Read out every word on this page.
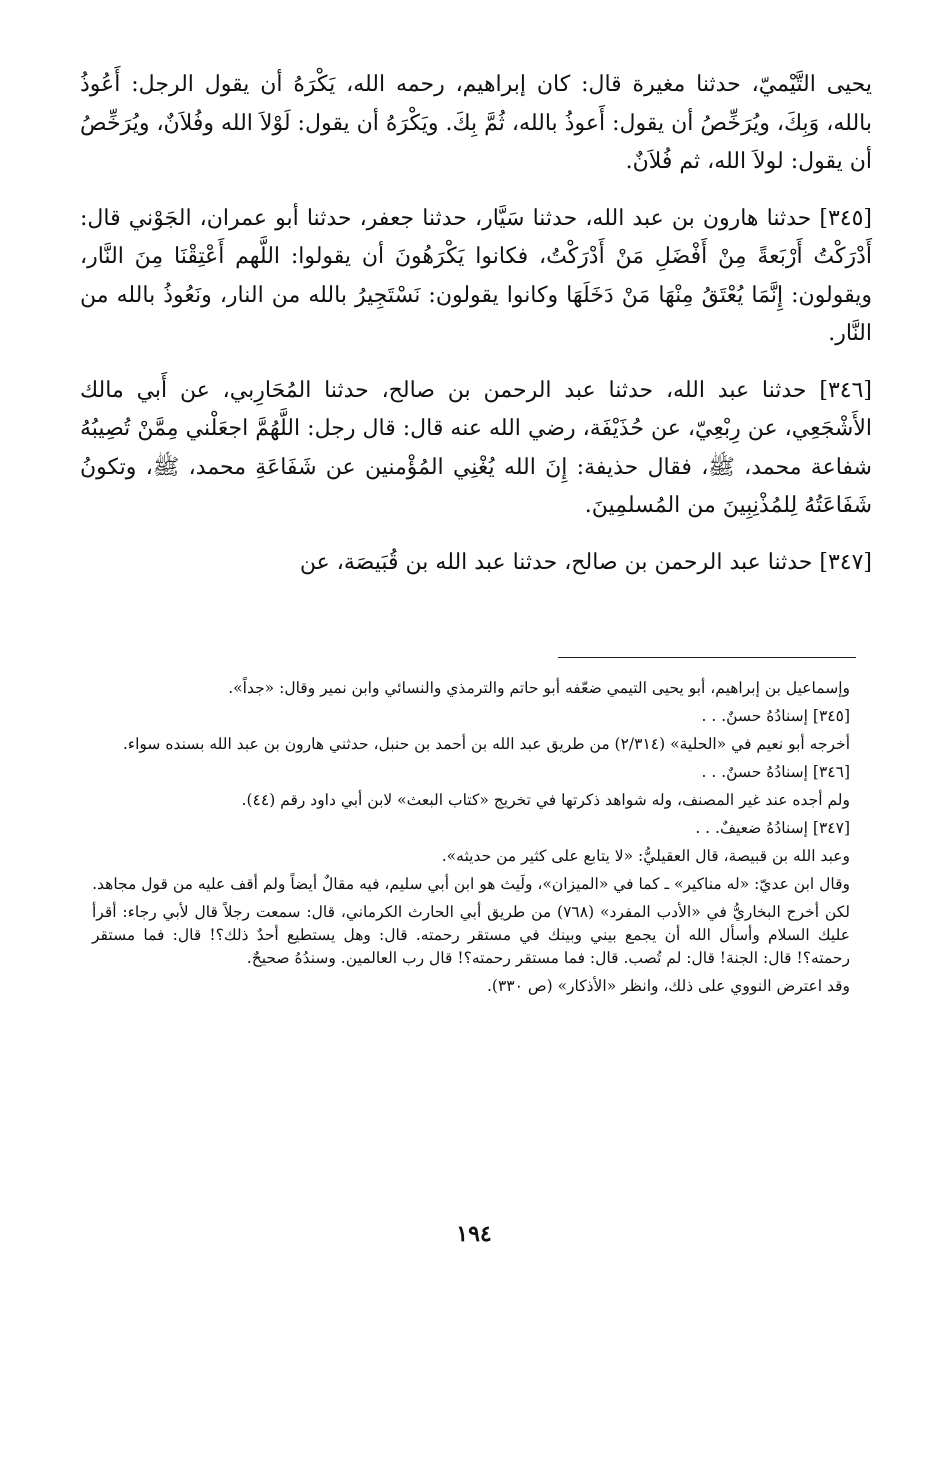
يحيى التَّيْميّ، حدثنا مغيرة قال: كان إبراهيم، رحمه الله، يَكْرَهُ أن يقول الرجل: أَعُوذُ بالله، وَبِكَ، ويُرَخِّصُ أن يقول: أَعوذُ بالله، ثُمَّ بِكَ. ويَكْرَهُ أن يقول: لَوْلاَ الله وفُلاَنٌ، ويُرَخِّصُ أن يقول: لولاَ الله، ثم فُلاَنٌ.

[٣٤٥] حدثنا هارون بن عبد الله، حدثنا سَيَّار، حدثنا جعفر، حدثنا أبو عمران، الجَوْني قال: أَدْرَكْتُ أَرْبَعةً مِنْ أَفْضَلِ مَنْ أَدْرَكْتُ، فكانوا يَكْرَهُونَ أن يقولوا: اللَّهم أَعْتِقْنَا مِنَ النَّار، ويقولون: إِنَّمَا يُعْتَقُ مِنْهَا مَنْ دَخَلَهَا وكانوا يقولون: نَسْتَجِيرُ بالله من النار، ونَعُوذُ بالله من النَّار.

[٣٤٦] حدثنا عبد الله، حدثنا عبد الرحمن بن صالح، حدثنا المُحَارِبي، عن أَبي مالك الأَشْجَعِي، عن رِبْعِيّ، عن حُذَيْفَة، رضي الله عنه قال: قال رجل: اللَّهُمَّ اجعَلْني مِمَّنْ تُصِيبُهُ شفاعة محمد، ﷺ، فقال حذيفة: إِنَ الله يُغْنِي المُؤْمنين عن شَفَاعَةِ محمد، ﷺ، وتكونُ شَفَاعَتُهُ لِلمُذْنِبِينَ من المُسلمِينَ.

[٣٤٧] حدثنا عبد الرحمن بن صالح، حدثنا عبد الله بن قُبَيصَة، عن

وإسماعيل بن إبراهيم، أبو يحيى التيمي ضعّفه أبو حاتم والترمذي والنسائي وابن نمير وقال: «جداً».

[٣٤٥] إسنادُهُ حسنٌ. . .

أخرجه أبو نعيم في «الحلية» (٢/٣١٤) من طريق عبد الله بن أحمد بن حنبل، حدثني هارون بن عبد الله بسنده سواء.

[٣٤٦] إسنادُهُ حسنٌ. . .

ولم أجده عند غير المصنف، وله شواهد ذكرتها في تخريج «كتاب البعث» لابن أبي داود رقم (٤٤).

[٣٤٧] إسنادُهُ ضعيفٌ. . .

وعبد الله بن قبيصة، قال العقيليُّ: «لا يتابع على كثير من حديثه».

وقال ابن عديّ: «له مناكير» ـ كما في «الميزان»، ولَيث هو ابن أبي سليم، فيه مقالٌ أيضاً ولم أقف عليه من قول مجاهد.

لكن أخرج البخاريُّ في «الأدب المفرد» (٧٦٨) من طريق أبي الحارث الكرماني، قال: سمعت رجلاً قال لأبي رجاء: أقرأ عليك السلام وأسأل الله أن يجمع بيني وبينك في مستقر رحمته. قال: وهل يستطيع أحدٌ ذلك؟! قال: فما مستقر رحمته؟! قال: الجنة! قال: لم تُصب. قال: فما مستقر رحمته؟! قال رب العالمين. وسندُهُ صحيحٌ.

وقد اعترض النووي على ذلك، وانظر «الأذكار» (ص ٣٣٠).

١٩٤
